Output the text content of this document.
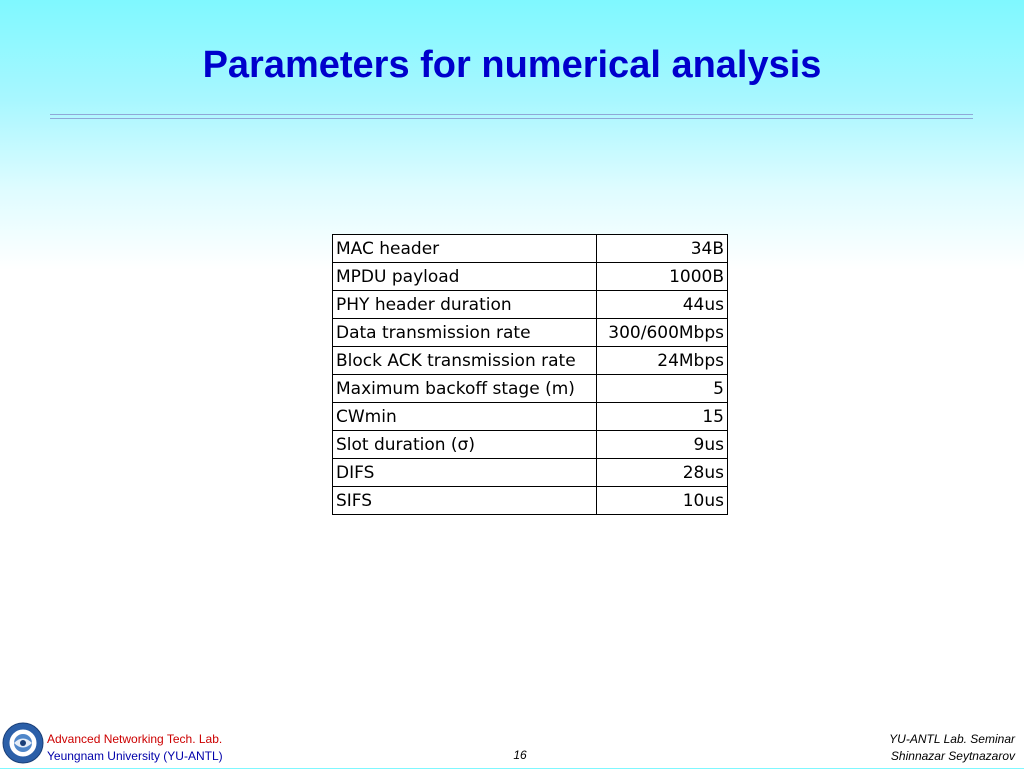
Parameters for numerical analysis
MAC header	34B
MPDU payload	1000B
PHY header duration	44us
Data transmission rate	300/600Mbps
Block ACK transmission rate	24Mbps
Maximum backoff stage (m)	5
CWmin	15
Slot duration (σ)	9us
DIFS	28us
SIFS	10us
Advanced Networking Tech. Lab.
Yeungnam University (YU-ANTL)	16
YU-ANTL Lab. Seminar
Shinnazar Seytnazarov
